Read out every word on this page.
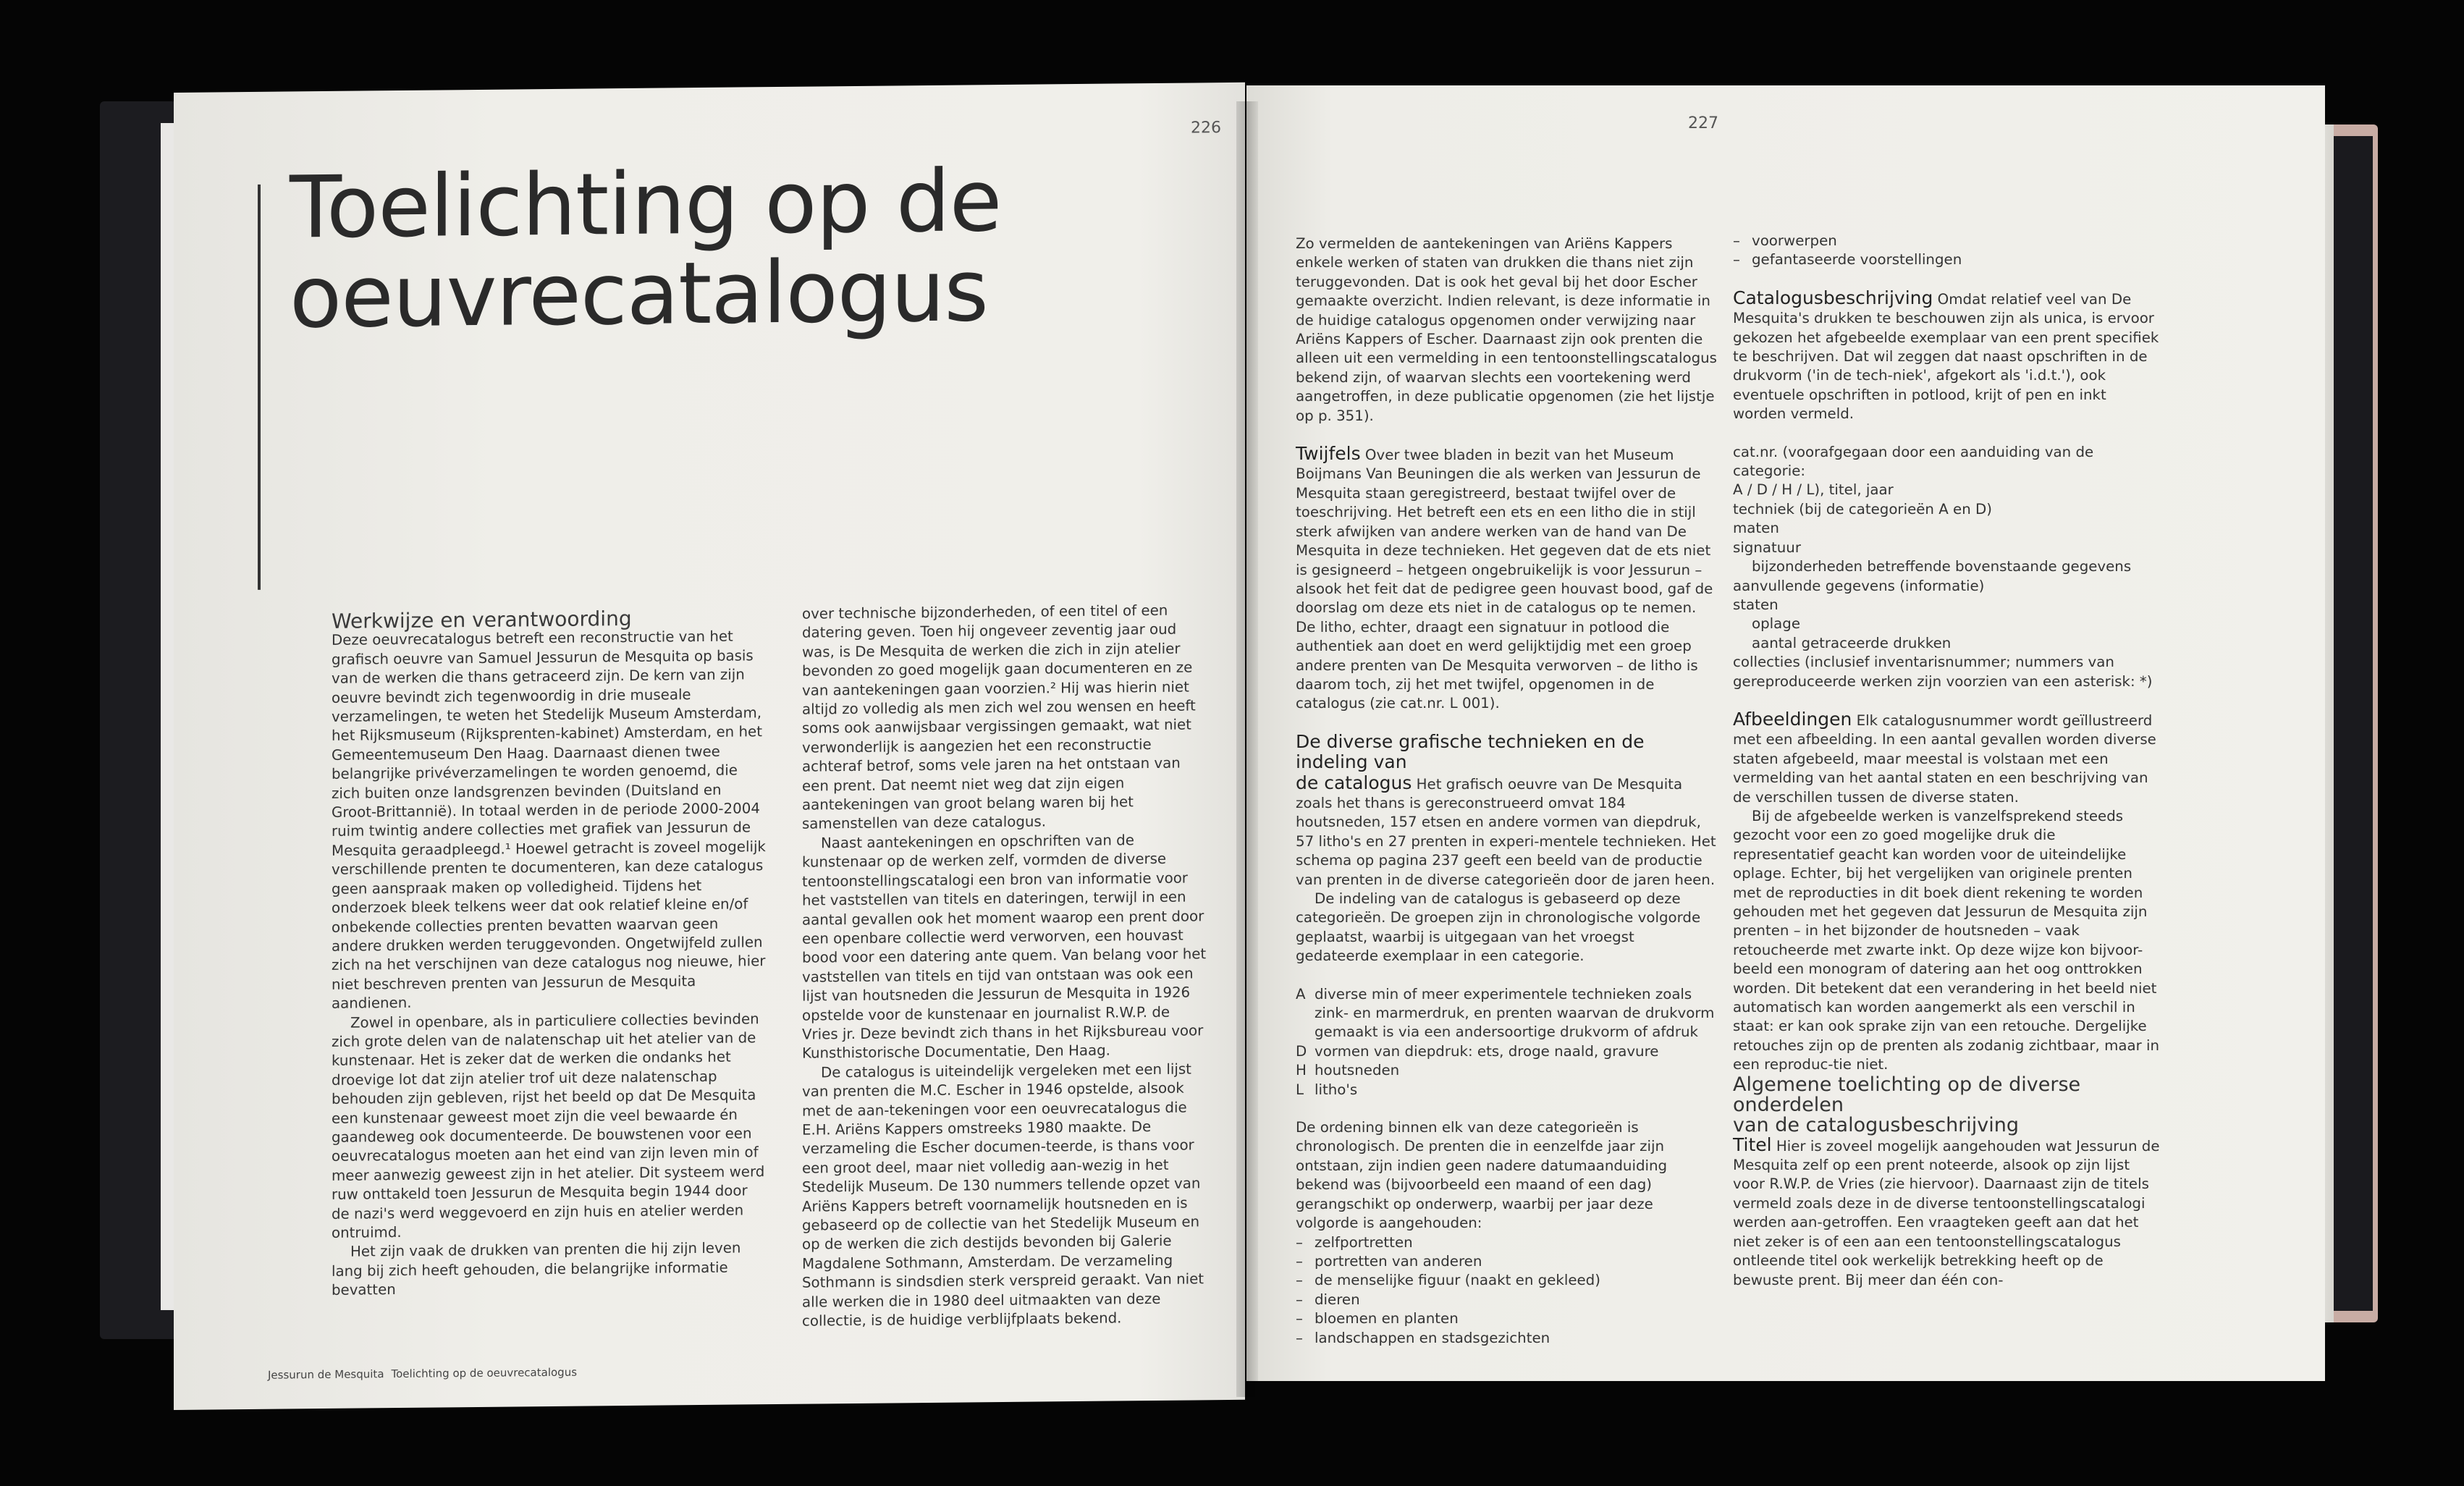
226
Toelichting op de
oeuvrecatalogus

Werkwijze en verantwoording

Deze oeuvrecatalogus betreft een reconstructie van het grafisch oeuvre van Samuel Jessurun de Mesquita op basis van de werken die thans getraceerd zijn. De kern van zijn oeuvre bevindt zich tegenwoordig in drie museale verzamelingen, te weten het Stedelijk Museum Amsterdam, het Rijksmuseum (Rijksprenten-kabinet) Amsterdam, en het Gemeentemuseum Den Haag. Daarnaast dienen twee belangrijke privéverzamelingen te worden genoemd, die zich buiten onze landsgrenzen bevinden (Duitsland en Groot-Brittannië). In totaal werden in de periode 2000-2004 ruim twintig andere collecties met grafiek van Jessurun de Mesquita geraadpleegd.¹ Hoewel getracht is zoveel mogelijk verschillende prenten te documenteren, kan deze catalogus geen aanspraak maken op volledigheid. Tijdens het onderzoek bleek telkens weer dat ook relatief kleine en/of onbekende collecties prenten bevatten waarvan geen andere drukken werden teruggevonden. Ongetwijfeld zullen zich na het verschijnen van deze catalogus nog nieuwe, hier niet beschreven prenten van Jessurun de Mesquita aandienen.

Zowel in openbare, als in particuliere collecties bevinden zich grote delen van de nalatenschap uit het atelier van de kunstenaar. Het is zeker dat de werken die ondanks het droevige lot dat zijn atelier trof uit deze nalatenschap behouden zijn gebleven, rijst het beeld op dat De Mesquita een kunstenaar geweest moet zijn die veel bewaarde én gaandeweg ook documenteerde. De bouwstenen voor een oeuvrecatalogus moeten aan het eind van zijn leven min of meer aanwezig geweest zijn in het atelier. Dit systeem werd ruw onttakeld toen Jessurun de Mesquita begin 1944 door de nazi's werd weggevoerd en zijn huis en atelier werden ontruimd.

Het zijn vaak de drukken van prenten die hij zijn leven lang bij zich heeft gehouden, die belangrijke informatie bevatten

over technische bijzonderheden, of een titel of een datering geven. Toen hij ongeveer zeventig jaar oud was, is De Mesquita de werken die zich in zijn atelier bevonden zo goed mogelijk gaan documenteren en ze van aantekeningen gaan voorzien.² Hij was hierin niet altijd zo volledig als men zich wel zou wensen en heeft soms ook aanwijsbaar vergissingen gemaakt, wat niet verwonderlijk is aangezien het een reconstructie achteraf betrof, soms vele jaren na het ontstaan van een prent. Dat neemt niet weg dat zijn eigen aantekeningen van groot belang waren bij het samenstellen van deze catalogus.

Naast aantekeningen en opschriften van de kunstenaar op de werken zelf, vormden de diverse tentoonstellingscatalogi een bron van informatie voor het vaststellen van titels en dateringen, terwijl in een aantal gevallen ook het moment waarop een prent door een openbare collectie werd verworven, een houvast bood voor een datering ante quem. Van belang voor het vaststellen van titels en tijd van ontstaan was ook een lijst van houtsneden die Jessurun de Mesquita in 1926 opstelde voor de kunstenaar en journalist R.W.P. de Vries jr. Deze bevindt zich thans in het Rijksbureau voor Kunsthistorische Documentatie, Den Haag.

De catalogus is uiteindelijk vergeleken met een lijst van prenten die M.C. Escher in 1946 opstelde, alsook met de aan-tekeningen voor een oeuvrecatalogus die E.H. Ariëns Kappers omstreeks 1980 maakte. De verzameling die Escher documen-teerde, is thans voor een groot deel, maar niet volledig aan-wezig in het Stedelijk Museum. De 130 nummers tellende opzet van Ariëns Kappers betreft voornamelijk houtsneden en is gebaseerd op de collectie van het Stedelijk Museum en op de werken die zich destijds bevonden bij Galerie Magdalene Sothmann, Amsterdam. De verzameling Sothmann is sindsdien sterk verspreid geraakt. Van niet alle werken die in 1980 deel uitmaakten van deze collectie, is de huidige verblijfplaats bekend.

Jessurun de Mesquita Toelichting op de oeuvrecatalogus
227

Zo vermelden de aantekeningen van Ariëns Kappers enkele werken of staten van drukken die thans niet zijn teruggevonden. Dat is ook het geval bij het door Escher gemaakte overzicht. Indien relevant, is deze informatie in de huidige catalogus opgenomen onder verwijzing naar Ariëns Kappers of Escher. Daarnaast zijn ook prenten die alleen uit een vermelding in een tentoonstellingscatalogus bekend zijn, of waarvan slechts een voortekening werd aangetroffen, in deze publicatie opgenomen (zie het lijstje op p. 351).

Twijfels Over twee bladen in bezit van het Museum Boijmans Van Beuningen die als werken van Jessurun de Mesquita staan geregistreerd, bestaat twijfel over de toeschrijving. Het betreft een ets en een litho die in stijl sterk afwijken van andere werken van de hand van De Mesquita in deze technieken. Het gegeven dat de ets niet is gesigneerd – hetgeen ongebruikelijk is voor Jessurun – alsook het feit dat de pedigree geen houvast bood, gaf de doorslag om deze ets niet in de catalogus op te nemen. De litho, echter, draagt een signatuur in potlood die authentiek aan doet en werd gelijktijdig met een groep andere prenten van De Mesquita verworven – de litho is daarom toch, zij het met twijfel, opgenomen in de catalogus (zie cat.nr. L 001).

De diverse grafische technieken en de indeling van
de catalogus Het grafisch oeuvre van De Mesquita zoals het thans is gereconstrueerd omvat 184 houtsneden, 157 etsen en andere vormen van diepdruk, 57 litho's en 27 prenten in experi-mentele technieken. Het schema op pagina 237 geeft een beeld van de productie van prenten in de diverse categorieën door de jaren heen.

De indeling van de catalogus is gebaseerd op deze categorieën. De groepen zijn in chronologische volgorde geplaatst, waarbij is uitgegaan van het vroegst gedateerde exemplaar in een categorie.

A diverse min of meer experimentele technieken zoals zink- en marmerdruk, en prenten waarvan de drukvorm gemaakt is via een andersoortige drukvorm of afdruk
D vormen van diepdruk: ets, droge naald, gravure
H houtsneden
L litho's

De ordening binnen elk van deze categorieën is chronologisch. De prenten die in eenzelfde jaar zijn ontstaan, zijn indien geen nadere datumaanduiding bekend was (bijvoorbeeld een maand of een dag) gerangschikt op onderwerp, waarbij per jaar deze volgorde is aangehouden:

– zelfportretten
– portretten van anderen
– de menselijke figuur (naakt en gekleed)
– dieren
– bloemen en planten
– landschappen en stadsgezichten
– voorwerpen
– gefantaseerde voorstellingen

Catalogusbeschrijving Omdat relatief veel van De Mesquita's drukken te beschouwen zijn als unica, is ervoor gekozen het afgebeelde exemplaar van een prent specifiek te beschrijven. Dat wil zeggen dat naast opschriften in de drukvorm ('in de tech-niek', afgekort als 'i.d.t.'), ook eventuele opschriften in potlood, krijt of pen en inkt worden vermeld.

cat.nr. (voorafgegaan door een aanduiding van de categorie:
A / D / H / L), titel, jaar
techniek (bij de categorieën A en D)
maten
signatuur
bijzonderheden betreffende bovenstaande gegevens
aanvullende gegevens (informatie)
staten
oplage
aantal getraceerde drukken
collecties (inclusief inventarisnummer; nummers van
gereproduceerde werken zijn voorzien van een asterisk: *)

Afbeeldingen Elk catalogusnummer wordt geïllustreerd met een afbeelding. In een aantal gevallen worden diverse staten afgebeeld, maar meestal is volstaan met een vermelding van het aantal staten en een beschrijving van de verschillen tussen de diverse staten.

Bij de afgebeelde werken is vanzelfsprekend steeds gezocht voor een zo goed mogelijke druk die representatief geacht kan worden voor de uiteindelijke oplage. Echter, bij het vergelijken van originele prenten met de reproducties in dit boek dient rekening te worden gehouden met het gegeven dat Jessurun de Mesquita zijn prenten – in het bijzonder de houtsneden – vaak retoucheerde met zwarte inkt. Op deze wijze kon bijvoor-beeld een monogram of datering aan het oog onttrokken worden. Dit betekent dat een verandering in het beeld niet automatisch kan worden aangemerkt als een verschil in staat: er kan ook sprake zijn van een retouche. Dergelijke retouches zijn op de prenten als zodanig zichtbaar, maar in een reproduc-tie niet.

Algemene toelichting op de diverse onderdelen
van de catalogusbeschrijving

Titel Hier is zoveel mogelijk aangehouden wat Jessurun de Mesquita zelf op een prent noteerde, alsook op zijn lijst voor R.W.P. de Vries (zie hiervoor). Daarnaast zijn de titels vermeld zoals deze in de diverse tentoonstellingscatalogi werden aan-getroffen. Een vraagteken geeft aan dat het niet zeker is of een aan een tentoonstellingscatalogus ontleende titel ook werkelijk betrekking heeft op de bewuste prent. Bij meer dan één con-
